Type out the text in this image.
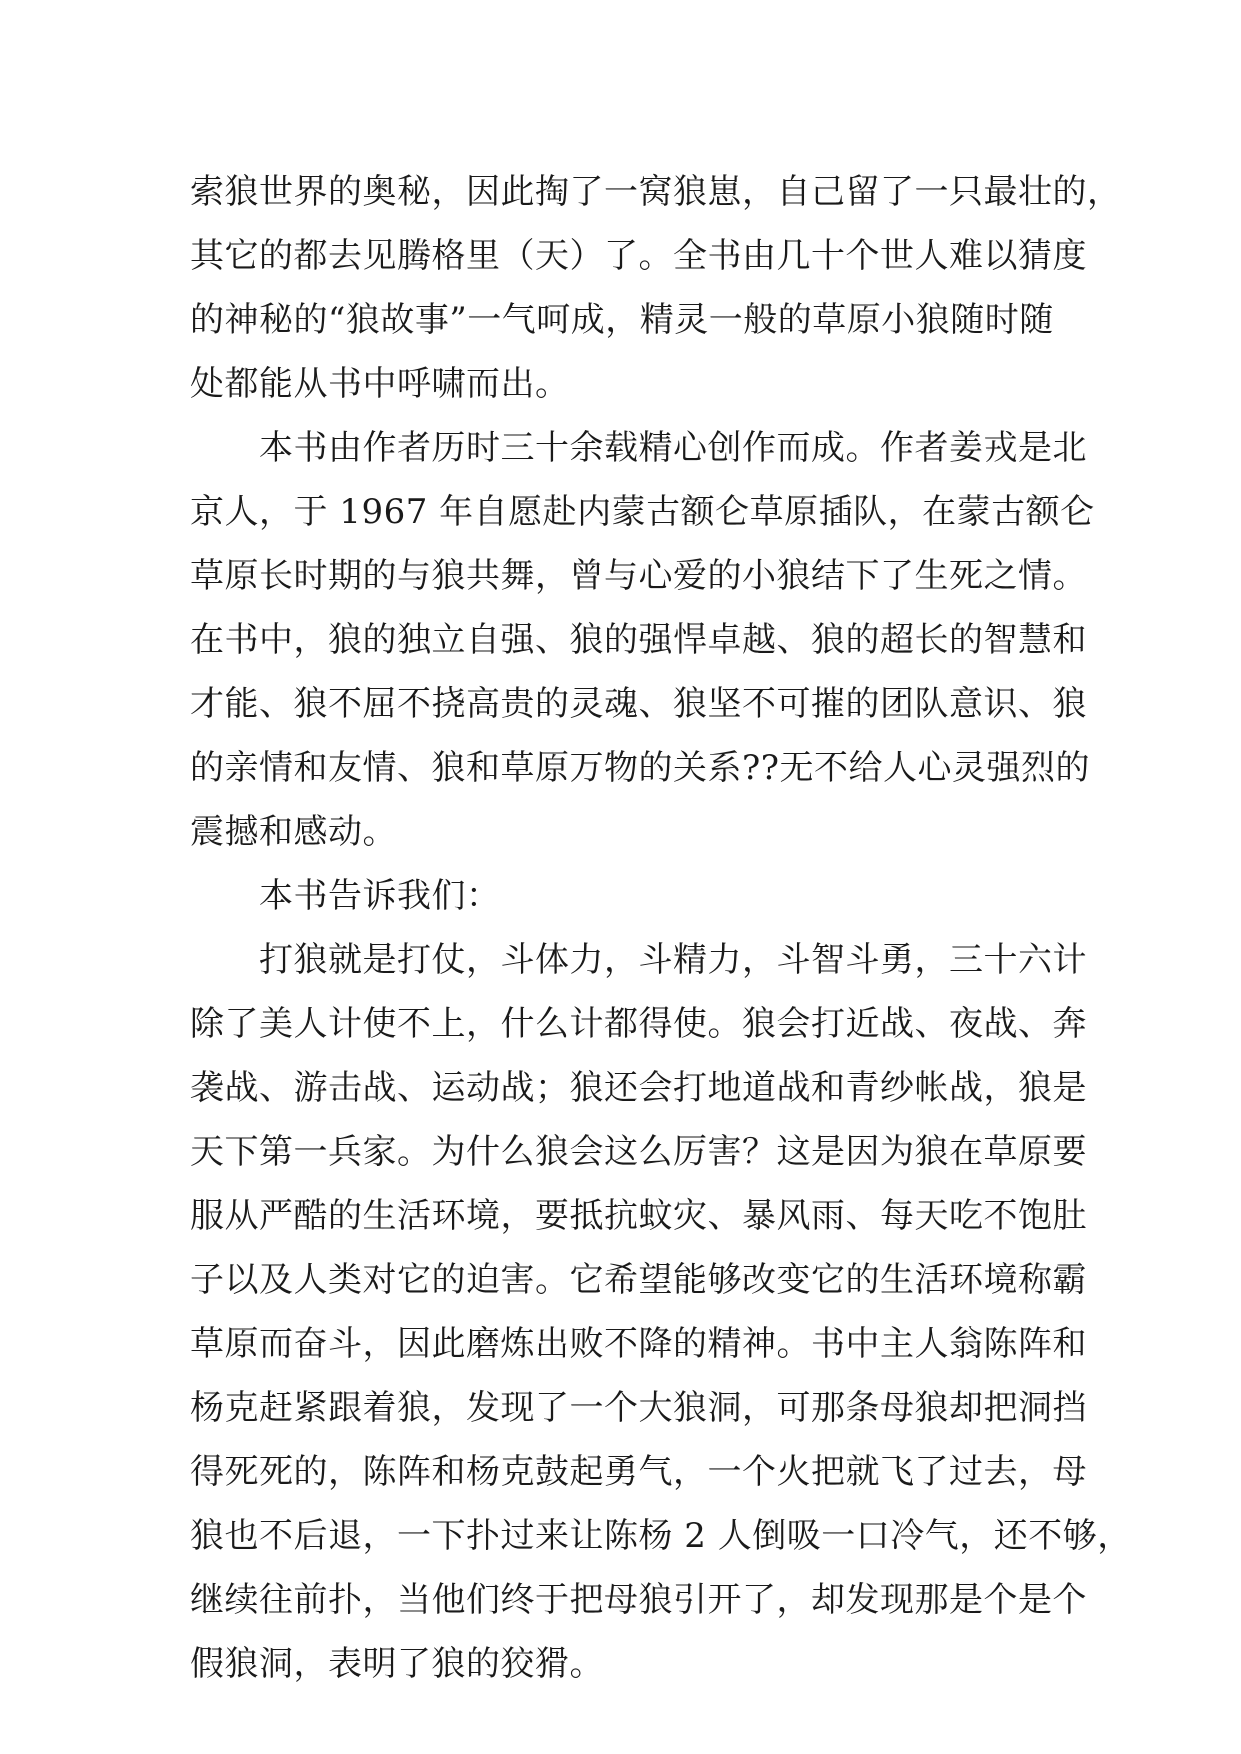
索狼世界的奥秘，因此掏了一窝狼崽，自己留了一只最壮的，
其它的都去见腾格里（天）了。全书由几十个世人难以猜度
的神秘的“狼故事”一气呵成，精灵一般的草原小狼随时随
处都能从书中呼啸而出。
　　本书由作者历时三十余载精心创作而成。作者姜戎是北
京人，于 1967 年自愿赴内蒙古额仑草原插队，在蒙古额仑
草原长时期的与狼共舞，曾与心爱的小狼结下了生死之情。
在书中，狼的独立自强、狼的强悍卓越、狼的超长的智慧和
才能、狼不屈不挠高贵的灵魂、狼坚不可摧的团队意识、狼
的亲情和友情、狼和草原万物的关系??无不给人心灵强烈的
震撼和感动。
　　本书告诉我们：
　　打狼就是打仗，斗体力，斗精力，斗智斗勇，三十六计
除了美人计使不上，什么计都得使。狼会打近战、夜战、奔
袭战、游击战、运动战；狼还会打地道战和青纱帐战，狼是
天下第一兵家。为什么狼会这么厉害？这是因为狼在草原要
服从严酷的生活环境，要抵抗蚊灾、暴风雨、每天吃不饱肚
子以及人类对它的迫害。它希望能够改变它的生活环境称霸
草原而奋斗，因此磨炼出败不降的精神。书中主人翁陈阵和
杨克赶紧跟着狼，发现了一个大狼洞，可那条母狼却把洞挡
得死死的，陈阵和杨克鼓起勇气，一个火把就飞了过去，母
狼也不后退，一下扑过来让陈杨 2 人倒吸一口冷气，还不够，
继续往前扑，当他们终于把母狼引开了，却发现那是个是个
假狼洞，表明了狼的狡猾。
